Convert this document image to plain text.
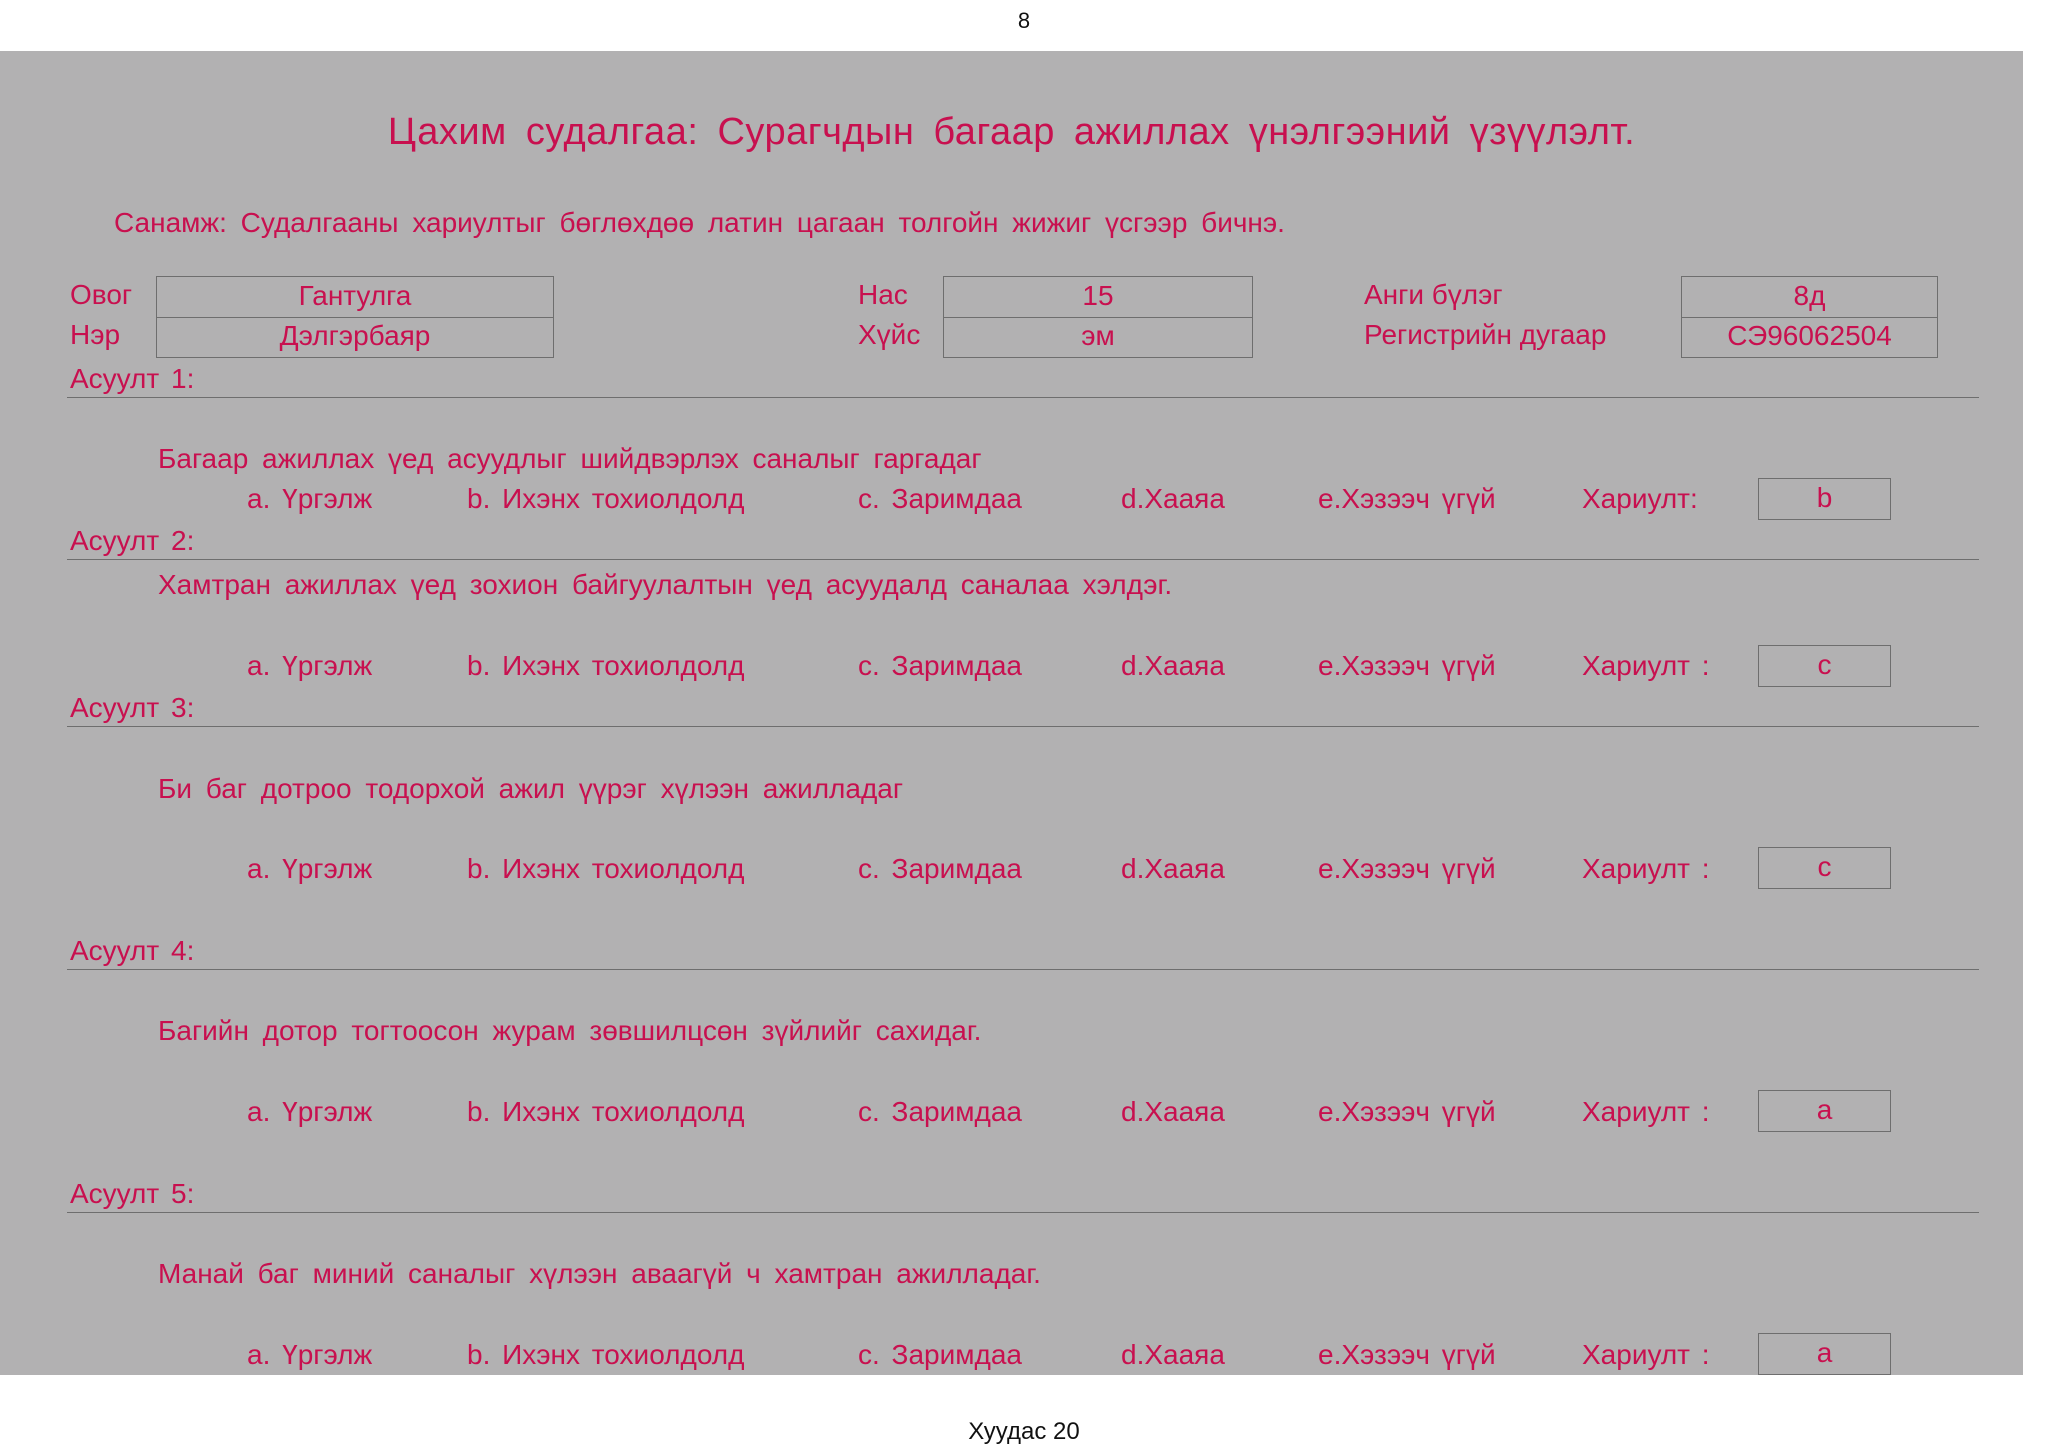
8
Цахим судалгаа: Сурагчдын багаар ажиллах үнэлгээний үзүүлэлт.
Санамж: Судалгааны хариултыг бөглөхдөө латин цагаан толгойн жижиг үсгээр бичнэ.
Овог	Гантулга
Нэр	Дэлгэрбаяр
Нас	15
Хүйс	эм
Анги бүлэг	8д
Регистрийн дугаар	СЭ96062504
Асуулт 1:
Багаар ажиллах үед асуудлыг шийдвэрлэх саналыг гаргадаг
a. Үргэлж	b. Ихэнх тохиолдолд	c. Заримдаа	d.Хааяа	e.Хэзээч үгүй	Хариулт:	b
Асуулт 2:
Хамтран ажиллах үед зохион байгуулалтын үед асуудалд саналаа хэлдэг.
a. Үргэлж	b. Ихэнх тохиолдолд	c. Заримдаа	d.Хааяа	e.Хэзээч үгүй	Хариулт :	c
Асуулт 3:
Би баг дотроо тодорхой ажил үүрэг хүлээн ажилладаг
a. Үргэлж	b. Ихэнх тохиолдолд	c. Заримдаа	d.Хааяа	e.Хэзээч үгүй	Хариулт :	c
Асуулт 4:
Багийн дотор тогтоосон журам зөвшилцсөн зүйлийг сахидаг.
a. Үргэлж	b. Ихэнх тохиолдолд	c. Заримдаа	d.Хааяа	e.Хэзээч үгүй	Хариулт :	a
Асуулт 5:
Манай баг миний саналыг хүлээн аваагүй ч хамтран ажилладаг.
a. Үргэлж	b. Ихэнх тохиолдолд	c. Заримдаа	d.Хааяа	e.Хэзээч үгүй	Хариулт :	a
Хуудас 20
